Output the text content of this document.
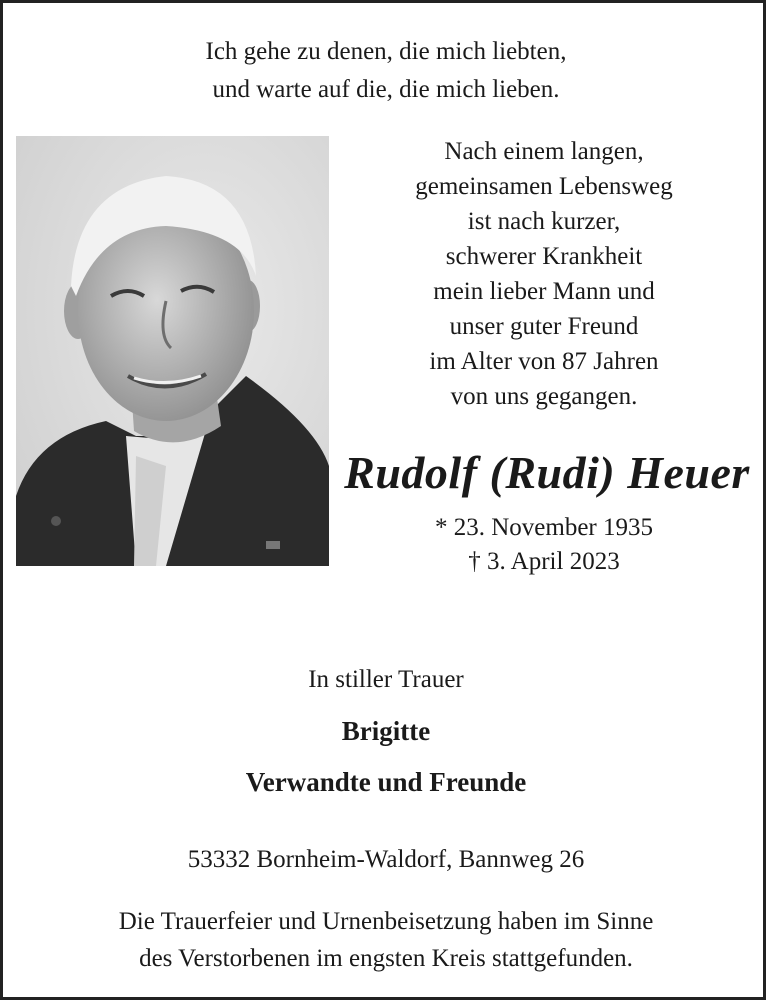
Ich gehe zu denen, die mich liebten,
und warte auf die, die mich lieben.
Nach einem langen,
gemeinsamen Lebensweg
ist nach kurzer,
schwerer Krankheit
mein lieber Mann und
unser guter Freund
im Alter von 87 Jahren
von uns gegangen.
Rudolf (Rudi) Heuer
* 23. November 1935
† 3. April 2023
In stiller Trauer
Brigitte
Verwandte und Freunde
53332 Bornheim-Waldorf, Bannweg 26
Die Trauerfeier und Urnenbeisetzung haben im Sinne
des Verstorbenen im engsten Kreis stattgefunden.
